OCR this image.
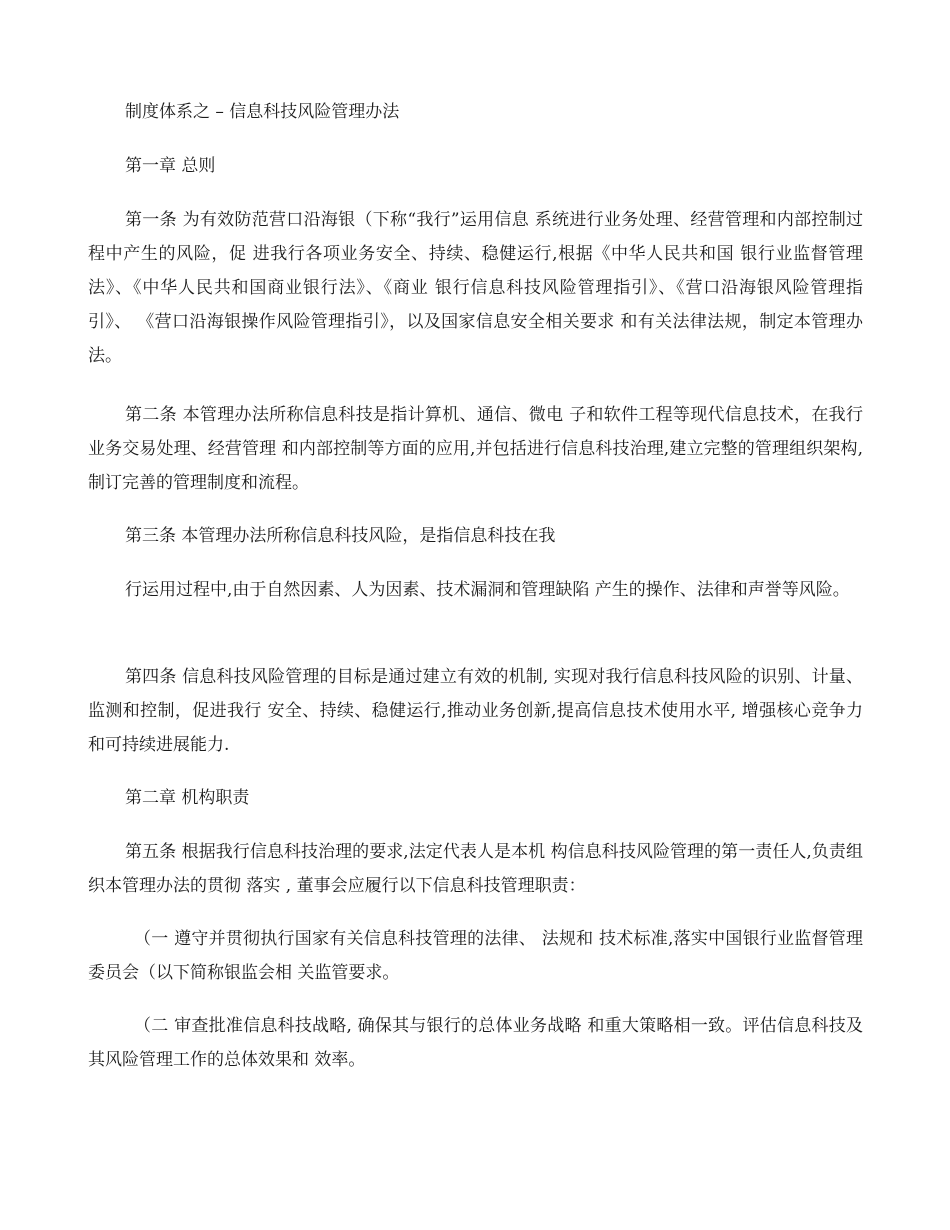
制度体系之 – 信息科技风险管理办法

第一章 总则

第一条 为有效防范营口沿海银（下称“我行”运用信息 系统进行业务处理、经营管理和内部控制过程中产生的风险，促 进我行各项业务安全、持续、稳健运行,根据《中华人民共和国 银行业监督管理法》、《中华人民共和国商业银行法》、《商业 银行信息科技风险管理指引》、《营口沿海银风险管理指引》、 《营口沿海银操作风险管理指引》，以及国家信息安全相关要求 和有关法律法规，制定本管理办法。

第二条 本管理办法所称信息科技是指计算机、通信、微电 子和软件工程等现代信息技术，在我行业务交易处理、经营管理 和内部控制等方面的应用,并包括进行信息科技治理,建立完整的管理组织架构,制订完善的管理制度和流程。

第三条 本管理办法所称信息科技风险，是指信息科技在我

行运用过程中,由于自然因素、人为因素、技术漏洞和管理缺陷 产生的操作、法律和声誉等风险。

第四条 信息科技风险管理的目标是通过建立有效的机制, 实现对我行信息科技风险的识别、计量、监测和控制，促进我行 安全、持续、稳健运行,推动业务创新,提高信息技术使用水平, 增强核心竞争力和可持续进展能力.

第二章 机构职责

第五条 根据我行信息科技治理的要求,法定代表人是本机 构信息科技风险管理的第一责任人,负责组织本管理办法的贯彻 落实 , 董事会应履行以下信息科技管理职责：

（一 遵守并贯彻执行国家有关信息科技管理的法律、 法规和 技术标准,落实中国银行业监督管理委员会（以下简称银监会相 关监管要求。

（二 审查批准信息科技战略, 确保其与银行的总体业务战略 和重大策略相一致。评估信息科技及其风险管理工作的总体效果和 效率。
